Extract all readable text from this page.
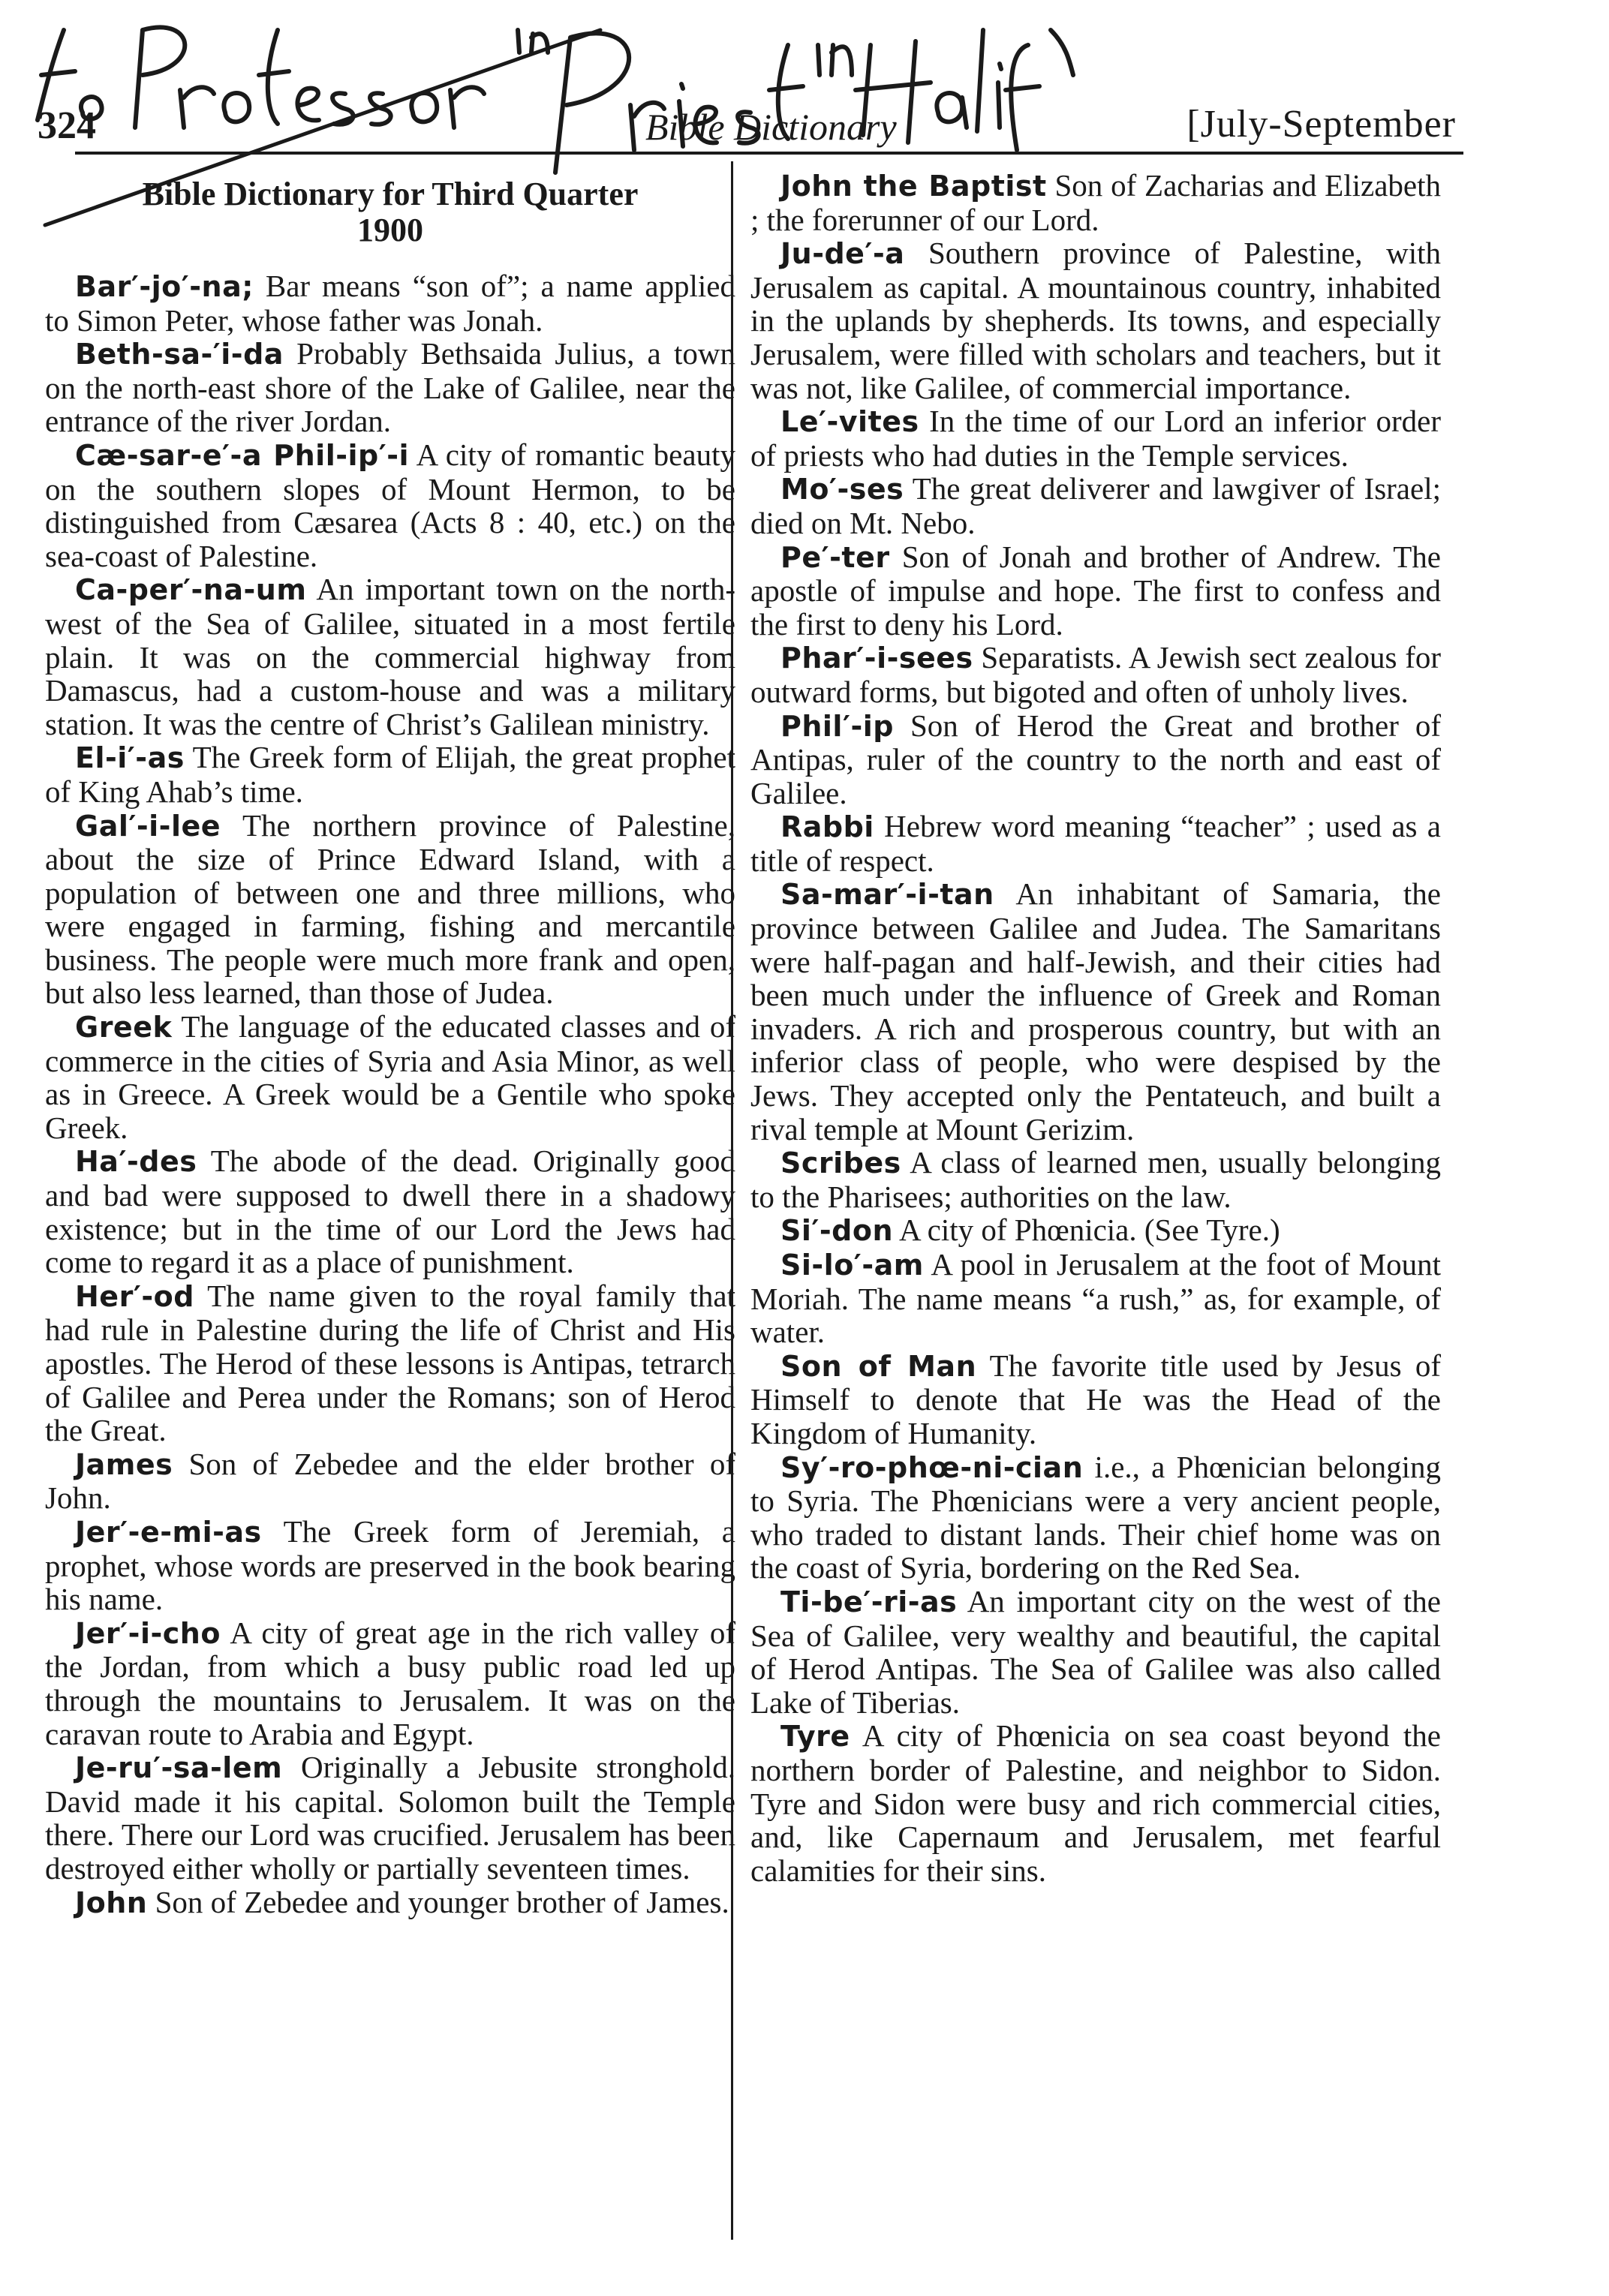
324	Bible Dictionary	[July-September
Bible Dictionary for Third Quarter
1900

Bar′-jo′-na; Bar means “son of”; a name applied to Simon Peter, whose father was Jonah.

Beth-sa-′i-da Probably Bethsaida Julius, a town on the north-east shore of the Lake of Galilee, near the entrance of the river Jordan.

Cæ-sar-e′-a Phil-ip′-i A city of romantic beauty on the southern slopes of Mount Hermon, to be distinguished from Cæsarea (Acts 8 : 40, etc.) on the sea-coast of Palestine.

Ca-per′-na-um An important town on the north-west of the Sea of Galilee, situated in a most fertile plain. It was on the commercial highway from Damascus, had a custom-house and was a military station. It was the centre of Christ’s Galilean ministry.

El-i′-as The Greek form of Elijah, the great prophet of King Ahab’s time.

Gal′-i-lee The northern province of Palestine, about the size of Prince Edward Island, with a population of between one and three millions, who were engaged in farming, fishing and mercantile business. The people were much more frank and open, but also less learned, than those of Judea.

Greek The language of the educated classes and of commerce in the cities of Syria and Asia Minor, as well as in Greece. A Greek would be a Gentile who spoke Greek.

Ha′-des The abode of the dead. Originally good and bad were supposed to dwell there in a shadowy existence; but in the time of our Lord the Jews had come to regard it as a place of punishment.

Her′-od The name given to the royal family that had rule in Palestine during the life of Christ and His apostles. The Herod of these lessons is Antipas, tetrarch of Galilee and Perea under the Romans; son of Herod the Great.

James Son of Zebedee and the elder brother of John.

Jer′-e-mi-as The Greek form of Jeremiah, a prophet, whose words are preserved in the book bearing his name.

Jer′-i-cho A city of great age in the rich valley of the Jordan, from which a busy public road led up through the mountains to Jerusalem. It was on the caravan route to Arabia and Egypt.

Je-ru′-sa-lem Originally a Jebusite stronghold. David made it his capital. Solomon built the Temple there. There our Lord was crucified. Jerusalem has been destroyed either wholly or partially seventeen times.

John Son of Zebedee and younger brother of James.

John the Baptist Son of Zacharias and Elizabeth ; the forerunner of our Lord.

Ju-de′-a Southern province of Palestine, with Jerusalem as capital. A mountainous country, inhabited in the uplands by shepherds. Its towns, and especially Jerusalem, were filled with scholars and teachers, but it was not, like Galilee, of commercial importance.

Le′-vites In the time of our Lord an inferior order of priests who had duties in the Temple services.

Mo′-ses The great deliverer and lawgiver of Israel; died on Mt. Nebo.

Pe′-ter Son of Jonah and brother of Andrew. The apostle of impulse and hope. The first to confess and the first to deny his Lord.

Phar′-i-sees Separatists. A Jewish sect zealous for outward forms, but bigoted and often of unholy lives.

Phil′-ip Son of Herod the Great and brother of Antipas, ruler of the country to the north and east of Galilee.

Rabbi Hebrew word meaning “teacher” ; used as a title of respect.

Sa-mar′-i-tan An inhabitant of Samaria, the province between Galilee and Judea. The Samaritans were half-pagan and half-Jewish, and their cities had been much under the influence of Greek and Roman invaders. A rich and prosperous country, but with an inferior class of people, who were despised by the Jews. They accepted only the Pentateuch, and built a rival temple at Mount Gerizim.

Scribes A class of learned men, usually belonging to the Pharisees; authorities on the law.

Si′-don A city of Phœnicia. (See Tyre.)

Si-lo′-am A pool in Jerusalem at the foot of Mount Moriah. The name means “a rush,” as, for example, of water.

Son of Man The favorite title used by Jesus of Himself to denote that He was the Head of the Kingdom of Humanity.

Sy′-ro-phœ-ni-cian i.e., a Phœnician belonging to Syria. The Phœnicians were a very ancient people, who traded to distant lands. Their chief home was on the coast of Syria, bordering on the Red Sea.

Ti-be′-ri-as An important city on the west of the Sea of Galilee, very wealthy and beautiful, the capital of Herod Antipas. The Sea of Galilee was also called Lake of Tiberias.

Tyre A city of Phœnicia on sea coast beyond the northern border of Palestine, and neighbor to Sidon. Tyre and Sidon were busy and rich commercial cities, and, like Capernaum and Jerusalem, met fearful calamities for their sins.
